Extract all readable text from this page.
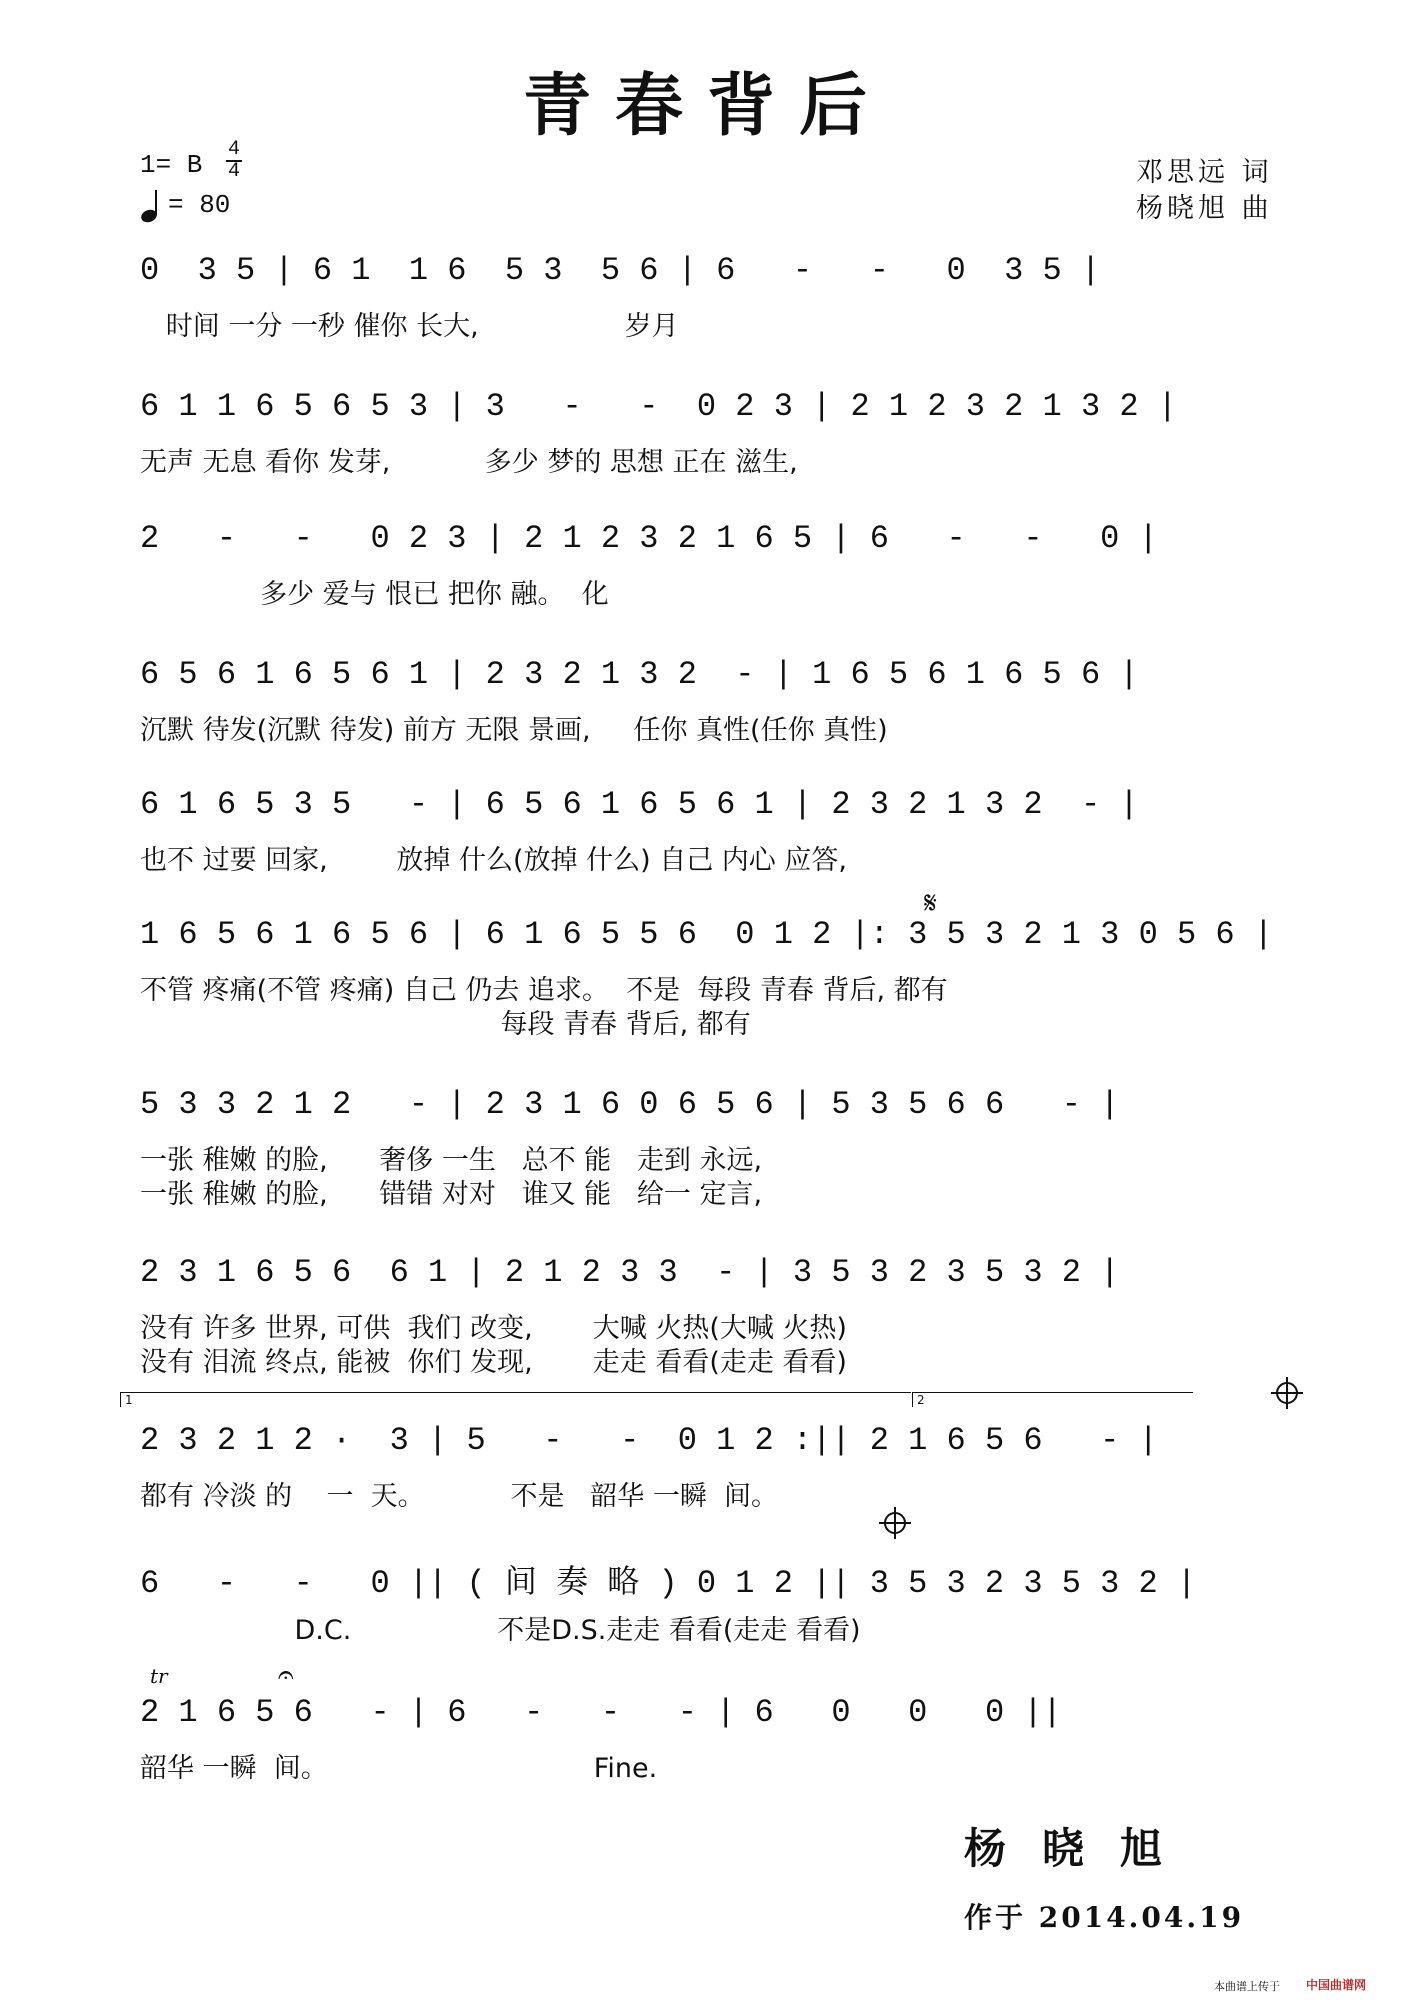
青春背后
1= B
4
4
= 80
邓思远 词
杨晓旭 曲
0  3 5 | 6 1  1 6  5 3  5 6 | 6   -   -   0  3 5 |
时间 一分 一秒 催你 长大,                 岁月
6 1 1 6 5 6 5 3 | 3   -   -  0 2 3 | 2 1 2 3 2 1 3 2 |
无声 无息 看你 发芽,           多少 梦的 思想 正在 滋生,
2   -   -   0 2 3 | 2 1 2 3 2 1 6 5 | 6   -   -   0 |
多少 爱与 恨已 把你 融。  化
6 5 6 1 6 5 6 1 | 2 3 2 1 3 2  - | 1 6 5 6 1 6 5 6 |
沉默 待发(沉默 待发) 前方 无限 景画,     任你 真性(任你 真性)
6 1 6 5 3 5   - | 6 5 6 1 6 5 6 1 | 2 3 2 1 3 2  - |
也不 过要 回家,        放掉 什么(放掉 什么) 自己 内心 应答,
1 6 5 6 1 6 5 6 | 6 1 6 5 5 6  0 1 2 |: 3 5 3 2 1 3 0 5 6 |
不管 疼痛(不管 疼痛) 自己 仍去 追求。  不是  每段 青春 背后, 都有
每段 青春 背后, 都有
5 3 3 2 1 2   - | 2 3 1 6 0 6 5 6 | 5 3 5 6 6   - |
一张 稚嫩 的脸,      奢侈 一生   总不 能   走到 永远,
一张 稚嫩 的脸,      错错 对对   谁又 能   给一 定言,
2 3 1 6 5 6  6 1 | 2 1 2 3 3  - | 3 5 3 2 3 5 3 2 |
没有 许多 世界, 可供  我们 改变,       大喊 火热(大喊 火热)
没有 泪流 终点, 能被  你们 发现,       走走 看看(走走 看看)
2 3 2 1 2 ·  3 | 5   -   -  0 1 2 :|| 2 1 6 5 6   - |
都有 冷淡 的    一  天。          不是   韶华 一瞬  间。
6   -   -   0 || ( 间 奏 略 ) 0 1 2 || 3 5 3 2 3 5 3 2 |
D.C.                 不是D.S.走走 看看(走走 看看)
2 1 6 5 6   - | 6   -   -   - | 6   0   0   0 ||
韶华 一瞬  间。                               Fine.
𝄋
1	2
tr	𝄐
杨晓旭
作于 2014.04.19
本曲谱上传于 中国曲谱网
